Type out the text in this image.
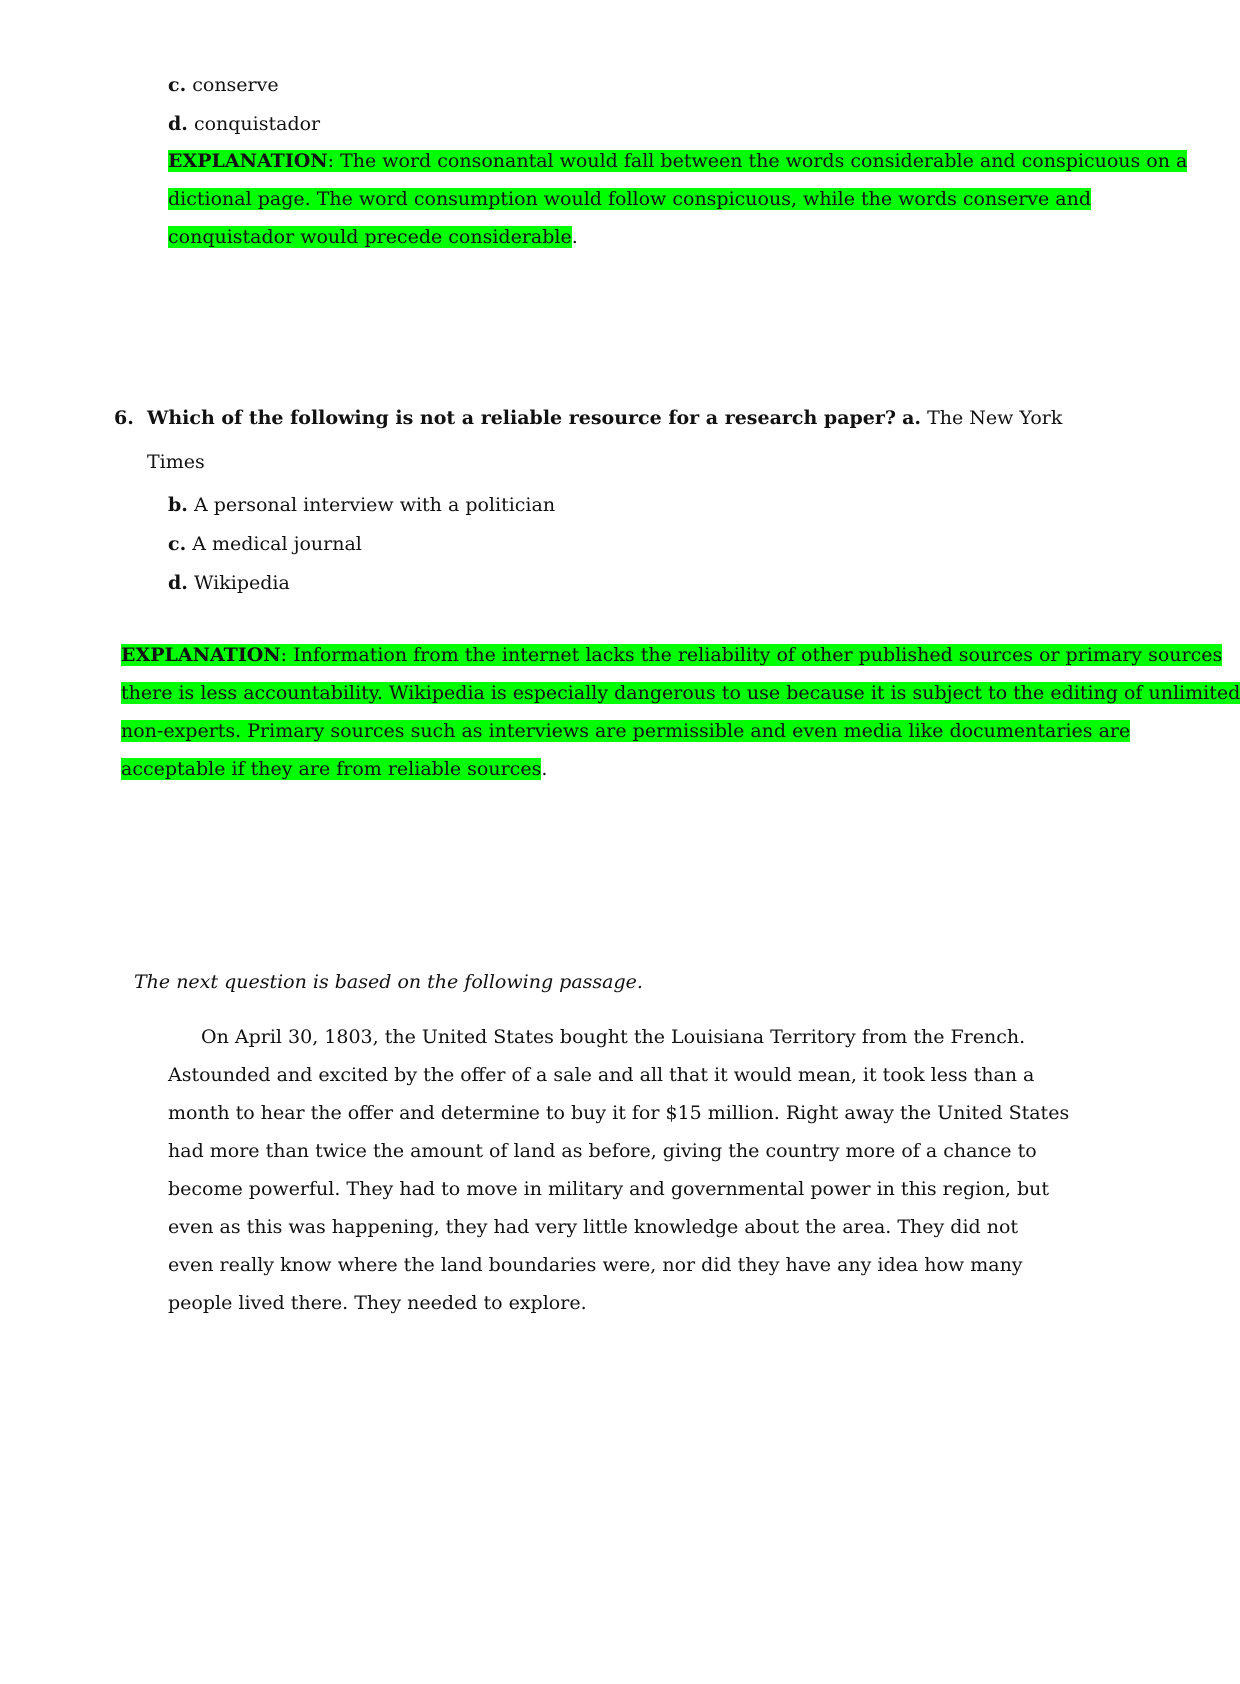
c. conserve
d. conquistador
EXPLANATION: The word consonantal would fall between the words considerable and conspicuous on a
dictional page. The word consumption would follow conspicuous, while the words conserve and
conquistador would precede considerable.
6. Which of the following is not a reliable resource for a research paper? a. The New York
Times
b. A personal interview with a politician
c. A medical journal
d. Wikipedia
EXPLANATION: Information from the internet lacks the reliability of other published sources or primary sources
there is less accountability. Wikipedia is especially dangerous to use because it is subject to the editing of unlimited
non-experts. Primary sources such as interviews are permissible and even media like documentaries are
acceptable if they are from reliable sources.
The next question is based on the following passage.
On April 30, 1803, the United States bought the Louisiana Territory from the French.
Astounded and excited by the offer of a sale and all that it would mean, it took less than a
month to hear the offer and determine to buy it for $15 million. Right away the United States
had more than twice the amount of land as before, giving the country more of a chance to
become powerful. They had to move in military and governmental power in this region, but
even as this was happening, they had very little knowledge about the area. They did not
even really know where the land boundaries were, nor did they have any idea how many
people lived there. They needed to explore.
